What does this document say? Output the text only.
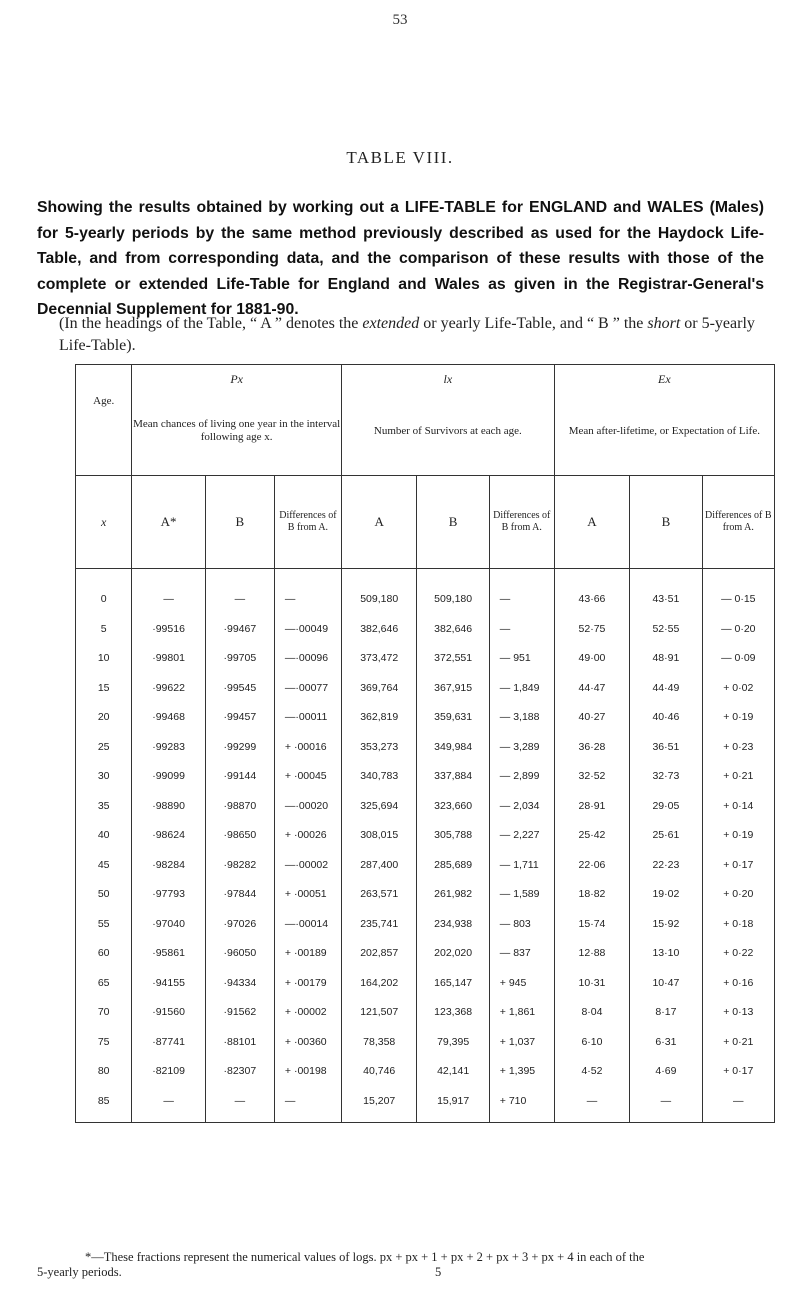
53
TABLE VIII.
Showing the results obtained by working out a LIFE-TABLE for ENGLAND and WALES (Males) for 5-yearly periods by the same method previously described as used for the Haydock Life-Table, and from corresponding data, and the comparison of these results with those of the complete or extended Life-Table for England and Wales as given in the Registrar-General's Decennial Supplement for 1881-90.
(In the headings of the Table, “ A ” denotes the extended or yearly Life-Table, and “ B ” the short or 5-yearly Life-Table).
Age.	Px			lx			Ex		
	Mean chances of living one year in the interval following age x.			Number of Survivors at each age.			Mean after-lifetime, or Expectation of Life.		
x	A*	B	Differences of B from A.	A	B	Differences of B from A.	A	B	Differences of B from A.
0	—	—	—	509,180	509,180	—	43·66	43·51	— 0·15
5	·99516	·99467	—·00049	382,646	382,646	—	52·75	52·55	— 0·20
10	·99801	·99705	—·00096	373,472	372,551	— 951	49·00	48·91	— 0·09
15	·99622	·99545	—·00077	369,764	367,915	— 1,849	44·47	44·49	+ 0·02
20	·99468	·99457	—·00011	362,819	359,631	— 3,188	40·27	40·46	+ 0·19
25	·99283	·99299	+ ·00016	353,273	349,984	— 3,289	36·28	36·51	+ 0·23
30	·99099	·99144	+ ·00045	340,783	337,884	— 2,899	32·52	32·73	+ 0·21
35	·98890	·98870	—·00020	325,694	323,660	— 2,034	28·91	29·05	+ 0·14
40	·98624	·98650	+ ·00026	308,015	305,788	— 2,227	25·42	25·61	+ 0·19
45	·98284	·98282	—·00002	287,400	285,689	— 1,711	22·06	22·23	+ 0·17
50	·97793	·97844	+ ·00051	263,571	261,982	— 1,589	18·82	19·02	+ 0·20
55	·97040	·97026	—·00014	235,741	234,938	— 803	15·74	15·92	+ 0·18
60	·95861	·96050	+ ·00189	202,857	202,020	— 837	12·88	13·10	+ 0·22
65	·94155	·94334	+ ·00179	164,202	165,147	+ 945	10·31	10·47	+ 0·16
70	·91560	·91562	+ ·00002	121,507	123,368	+ 1,861	8·04	8·17	+ 0·13
75	·87741	·88101	+ ·00360	78,358	79,395	+ 1,037	6·10	6·31	+ 0·21
80	·82109	·82307	+ ·00198	40,746	42,141	+ 1,395	4·52	4·69	+ 0·17
85	—	—	—	15,207	15,917	+ 710	—	—	—
*—These fractions represent the numerical values of logs. px + px + 1 + px + 2 + px + 3 + px + 4 in each of the
5-yearly periods.	5
